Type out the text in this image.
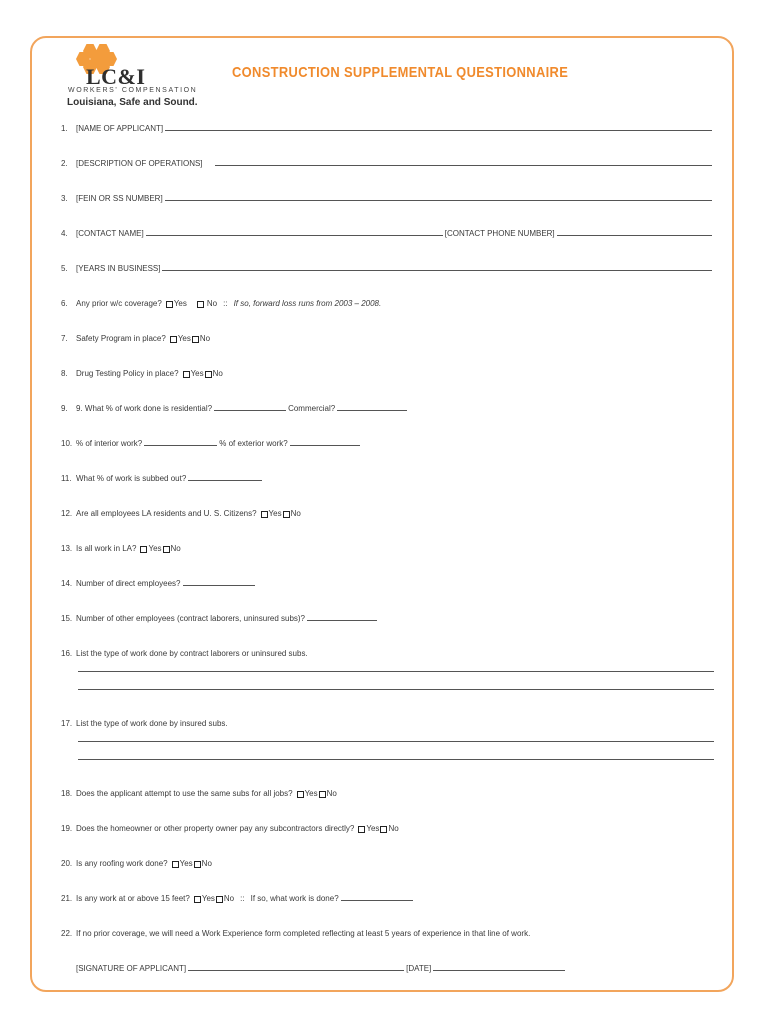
LC&I
WORKERS' COMPENSATION
Louisiana, Safe and Sound.
CONSTRUCTION SUPPLEMENTAL QUESTIONNAIRE
1.	[NAME OF APPLICANT]
2.	[DESCRIPTION OF OPERATIONS]
3.	[FEIN OR SS NUMBER]
4.	[CONTACT NAME]	[CONTACT PHONE NUMBER]
5.	[YEARS IN BUSINESS]
6.	Any prior w/c coverage? Yes	No :: If so, forward loss runs from 2003 – 2008.
7.	Safety Program in place? Yes No
8.	Drug Testing Policy in place? Yes No
9.	9. What % of work done is residential?	Commercial?
10. % of interior work?	% of exterior work?
11. What % of work is subbed out?
12. Are all employees LA residents and U. S. Citizens? Yes No
13. Is all work in LA? Yes No
14. Number of direct employees?
15. Number of other employees (contract laborers, uninsured subs)?
16. List the type of work done by contract laborers or uninsured subs.
17. List the type of work done by insured subs.
18. Does the applicant attempt to use the same subs for all jobs? Yes No
19. Does the homeowner or other property owner pay any subcontractors directly? Yes No
20. Is any roofing work done? Yes No
21. Is any work at or above 15 feet? Yes No :: If so, what work is done?
22. If no prior coverage, we will need a Work Experience form completed reflecting at least 5 years of experience in that line of work.
[SIGNATURE OF APPLICANT]	[DATE]
